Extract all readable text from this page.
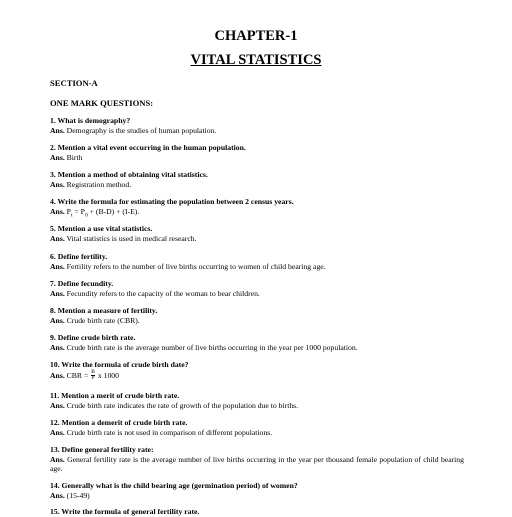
CHAPTER-1
VITAL STATISTICS
SECTION-A
ONE MARK QUESTIONS:
1. What is demography?
Ans. Demography is the studies of human population.
2. Mention a vital event occurring in the human population.
Ans. Birth
3. Mention a method of obtaining vital statistics.
Ans. Registration method.
4. Write the formula for estimating the population between 2 census years.
Ans. $P_t = P_0 + (B-D) + (I-E)$.
5. Mention a use vital statistics.
Ans. Vital statistics is used in medical research.
6. Define fertility.
Ans. Fertility refers to the number of live births occurring to women of child bearing age.
7. Define fecundity.
Ans. Fecundity refers to the capacity of the woman to bear children.
8. Mention a measure of fertility.
Ans. Crude birth rate (CBR).
9. Define crude birth rate.
Ans. Crude birth rate is the average number of live births occurring in the year per 1000 population.
10. Write the formula of crude birth date?
Ans. CBR = $\frac{B}{P}$ x 1000
11. Mention a merit of crude birth rate.
Ans. Crude birth rate indicates the rate of growth of the population due to births.
12. Mention a demerit of crude birth rate.
Ans. Crude birth rate is not used in comparison of different populations.
13. Define general fertility rate:
Ans. General fertility rate is the average number of live births occurring in the year per thousand female population of child bearing age.
14. Generally what is the child bearing age (germination period) of women?
Ans. (15-49)
15. Write the formula of general fertility rate.
